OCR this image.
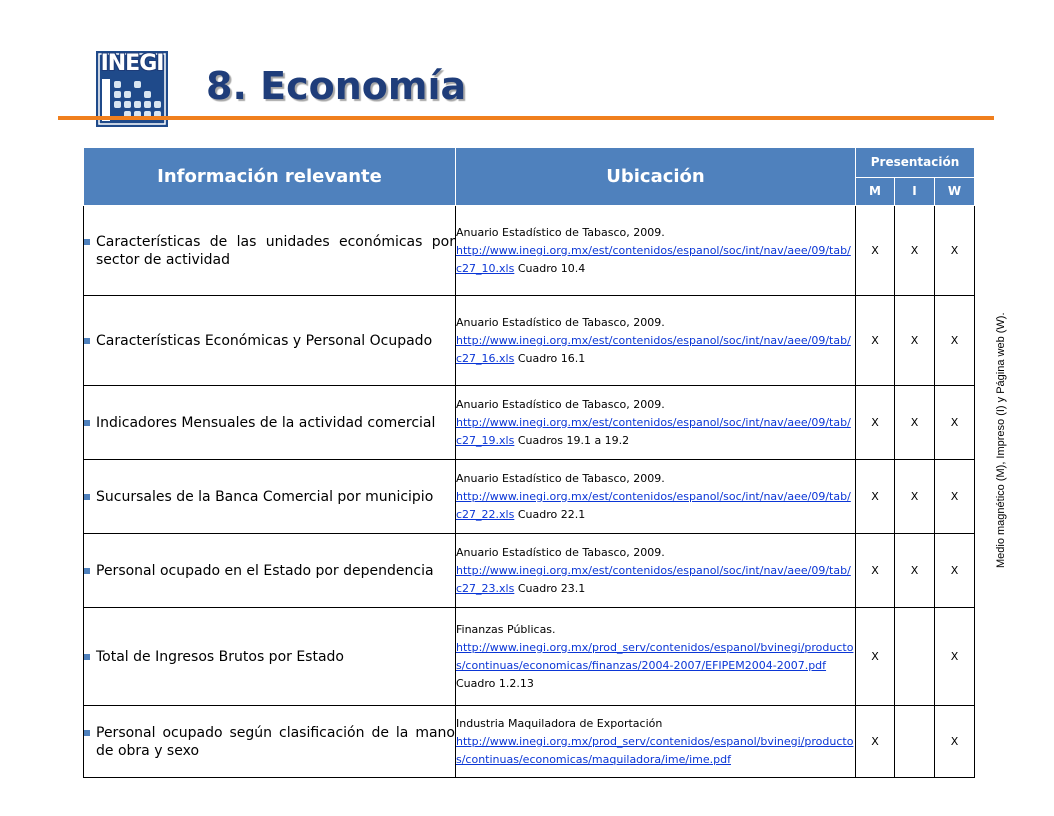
INEGI
8. Economía
Información relevante	Ubicación	Presentación		
		M	I	W

Características de las unidades económicas por sector de actividad	Anuario Estadístico de Tabasco, 2009.
http://www.inegi.org.mx/est/contenidos/espanol/soc/int/nav/aee/09/tab/c27_10.xls Cuadro 10.4	X	X	X

Características Económicas y Personal Ocupado	Anuario Estadístico de Tabasco, 2009.
http://www.inegi.org.mx/est/contenidos/espanol/soc/int/nav/aee/09/tab/c27_16.xls Cuadro 16.1	X	X	X

Indicadores Mensuales de la actividad comercial	Anuario Estadístico de Tabasco, 2009.
http://www.inegi.org.mx/est/contenidos/espanol/soc/int/nav/aee/09/tab/c27_19.xls Cuadros 19.1 a 19.2	X	X	X

Sucursales de la Banca Comercial por municipio	Anuario Estadístico de Tabasco, 2009.
http://www.inegi.org.mx/est/contenidos/espanol/soc/int/nav/aee/09/tab/c27_22.xls Cuadro 22.1	X	X	X

Personal ocupado en el Estado por dependencia	Anuario Estadístico de Tabasco, 2009.
http://www.inegi.org.mx/est/contenidos/espanol/soc/int/nav/aee/09/tab/c27_23.xls Cuadro 23.1	X	X	X

Total de Ingresos Brutos por Estado	Finanzas Públicas.
http://www.inegi.org.mx/prod_serv/contenidos/espanol/bvinegi/productos/continuas/economicas/finanzas/2004-2007/EFIPEM2004-2007.pdf
Cuadro 1.2.13	X		X

Personal ocupado según clasificación de la mano de obra y sexo	Industria Maquiladora de Exportación
http://www.inegi.org.mx/prod_serv/contenidos/espanol/bvinegi/productos/continuas/economicas/maquiladora/ime/ime.pdf	X		X
Medio magnético (M), Impreso (I) y Página web (W).
